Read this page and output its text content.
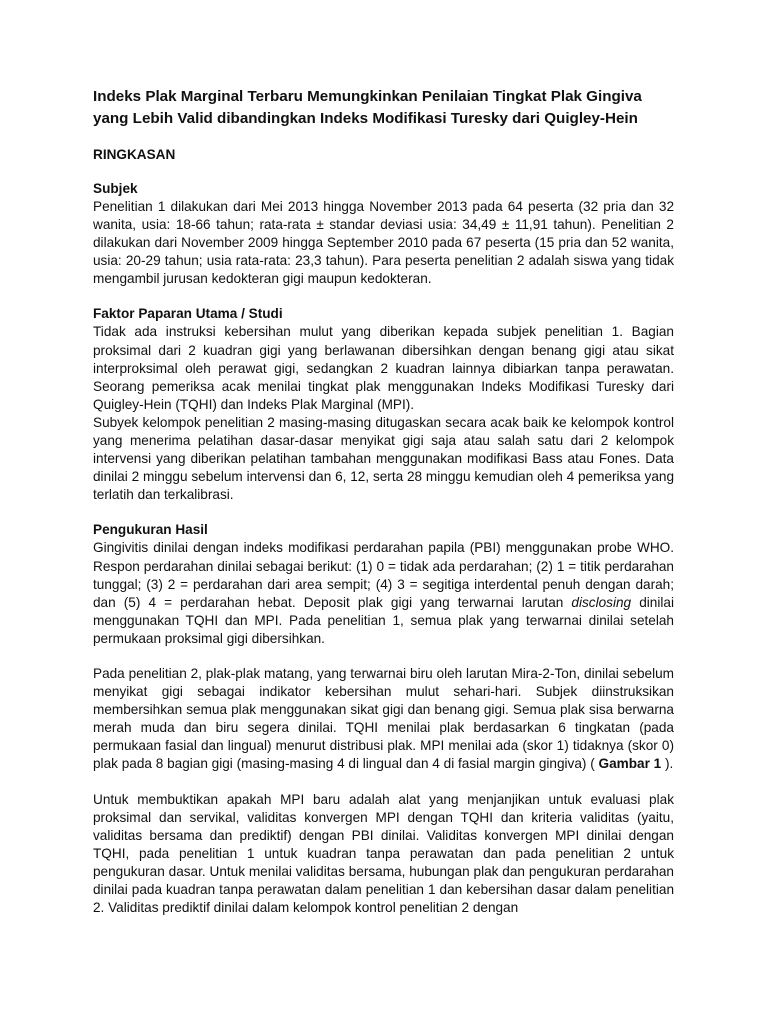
Indeks Plak Marginal Terbaru Memungkinkan Penilaian Tingkat Plak Gingiva yang Lebih Valid dibandingkan Indeks Modifikasi Turesky dari Quigley-Hein
RINGKASAN
Subjek

Penelitian 1 dilakukan dari Mei 2013 hingga November 2013 pada 64 peserta (32 pria dan 32 wanita, usia: 18-66 tahun; rata-rata ± standar deviasi usia: 34,49 ± 11,91 tahun). Penelitian 2 dilakukan dari November 2009 hingga September 2010 pada 67 peserta (15 pria dan 52 wanita, usia: 20-29 tahun; usia rata-rata: 23,3 tahun). Para peserta penelitian 2 adalah siswa yang tidak mengambil jurusan kedokteran gigi maupun kedokteran.

Faktor Paparan Utama / Studi

Tidak ada instruksi kebersihan mulut yang diberikan kepada subjek penelitian 1. Bagian proksimal dari 2 kuadran gigi yang berlawanan dibersihkan dengan benang gigi atau sikat interproksimal oleh perawat gigi, sedangkan 2 kuadran lainnya dibiarkan tanpa perawatan. Seorang pemeriksa acak menilai tingkat plak menggunakan Indeks Modifikasi Turesky dari Quigley-Hein (TQHI) dan Indeks Plak Marginal (MPI).

Subyek kelompok penelitian 2 masing-masing ditugaskan secara acak baik ke kelompok kontrol yang menerima pelatihan dasar-dasar menyikat gigi saja atau salah satu dari 2 kelompok intervensi yang diberikan pelatihan tambahan menggunakan modifikasi Bass atau Fones. Data dinilai 2 minggu sebelum intervensi dan 6, 12, serta 28 minggu kemudian oleh 4 pemeriksa yang terlatih dan terkalibrasi.

Pengukuran Hasil

Gingivitis dinilai dengan indeks modifikasi perdarahan papila (PBI) menggunakan probe WHO. Respon perdarahan dinilai sebagai berikut: (1) 0 = tidak ada perdarahan; (2) 1 = titik perdarahan tunggal; (3) 2 = perdarahan dari area sempit; (4) 3 = segitiga interdental penuh dengan darah; dan (5) 4 = perdarahan hebat. Deposit plak gigi yang terwarnai larutan disclosing dinilai menggunakan TQHI dan MPI. Pada penelitian 1, semua plak yang terwarnai dinilai setelah permukaan proksimal gigi dibersihkan.

Pada penelitian 2, plak-plak matang, yang terwarnai biru oleh larutan Mira-2-Ton, dinilai sebelum menyikat gigi sebagai indikator kebersihan mulut sehari-hari. Subjek diinstruksikan membersihkan semua plak menggunakan sikat gigi dan benang gigi. Semua plak sisa berwarna merah muda dan biru segera dinilai. TQHI menilai plak berdasarkan 6 tingkatan (pada permukaan fasial dan lingual) menurut distribusi plak. MPI menilai ada (skor 1) tidaknya (skor 0) plak pada 8 bagian gigi (masing-masing 4 di lingual dan 4 di fasial margin gingiva) ( Gambar 1 ).

Untuk membuktikan apakah MPI baru adalah alat yang menjanjikan untuk evaluasi plak proksimal dan servikal, validitas konvergen MPI dengan TQHI dan kriteria validitas (yaitu, validitas bersama dan prediktif) dengan PBI dinilai. Validitas konvergen MPI dinilai dengan TQHI, pada penelitian 1 untuk kuadran tanpa perawatan dan pada penelitian 2 untuk pengukuran dasar. Untuk menilai validitas bersama, hubungan plak dan pengukuran perdarahan dinilai pada kuadran tanpa perawatan dalam penelitian 1 dan kebersihan dasar dalam penelitian 2. Validitas prediktif dinilai dalam kelompok kontrol penelitian 2 dengan
